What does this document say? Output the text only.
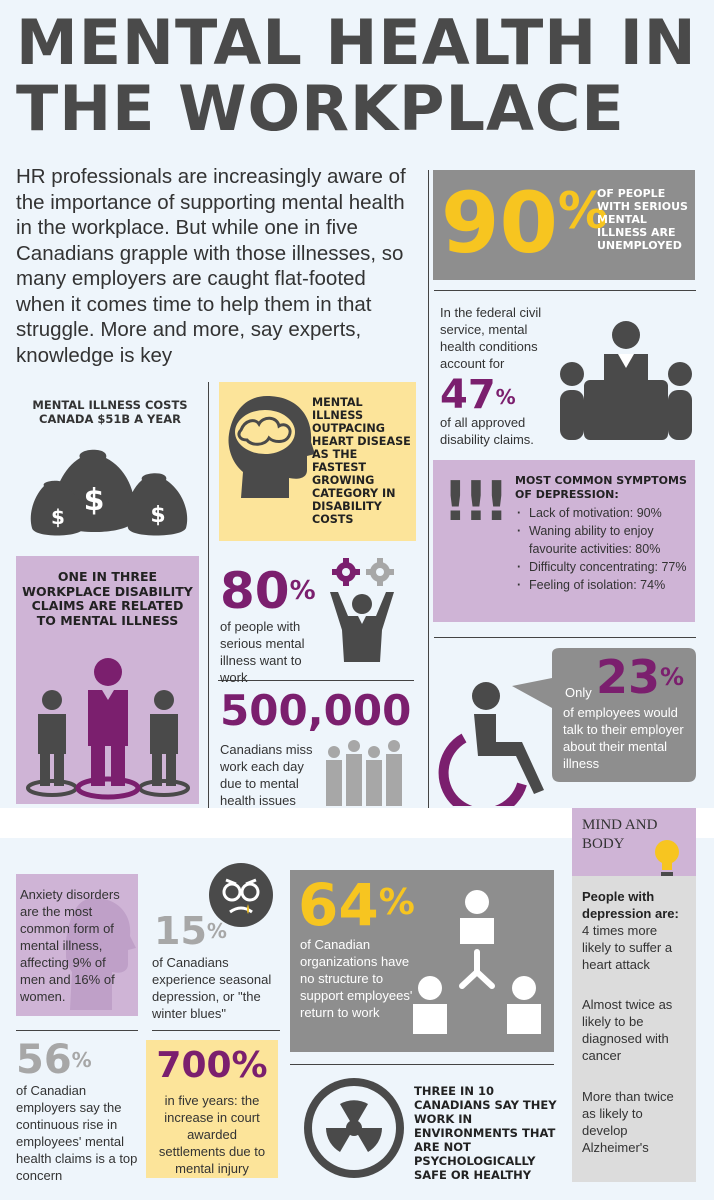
MENTAL HEALTH IN
THE WORKPLACE
HR professionals are increasingly aware of the importance of supporting mental health in the workplace. But while one in five Canadians grapple with those illnesses, so many employers are caught flat-footed when it comes time to help them in that struggle. More and more, say experts, knowledge is key
90%
OF PEOPLE WITH SERIOUS MENTAL ILLNESS ARE UNEMPLOYED
In the federal civil service, mental health conditions account for
47%
of all approved disability claims.
MENTAL ILLNESS COSTS CANADA $51B A YEAR
$
$	$
MENTAL ILLNESS OUTPACING HEART DISEASE AS THE FASTEST GROWING CATEGORY IN DISABILITY COSTS	!!! MOST COMMON SYMPTOMS OF DEPRESSION:
· Lack of motivation: 90%
· Waning ability to enjoy favourite activities: 80%
· Difficulty concentrating: 77%
· Feeling of isolation: 74%
ONE IN THREE WORKPLACE DISABILITY CLAIMS ARE RELATED TO MENTAL ILLNESS 80%
of people with serious mental illness want to work
500,000
Canadians miss work each day due to mental health issues
Only 23%
of employees would talk to their employer about their mental illness
MIND AND BODY
People with depression are:
4 times more likely to suffer a heart attack
Almost twice as likely to be diagnosed with cancer
More than twice as likely to develop Alzheimer's
Anxiety disorders are the most common form of mental illness, affecting 9% of men and 16% of women.
15%
of Canadians experience seasonal depression, or "the winter blues"
64%
of Canadian organizations have no structure to support employees' return to work
56%
of Canadian employers say the continuous rise in employees' mental health claims is a top concern
700%
in five years: the increase in court awarded settlements due to mental injury
THREE IN 10 CANADIANS SAY THEY WORK IN ENVIRONMENTS THAT ARE NOT PSYCHOLOGICALLY SAFE OR HEALTHY
